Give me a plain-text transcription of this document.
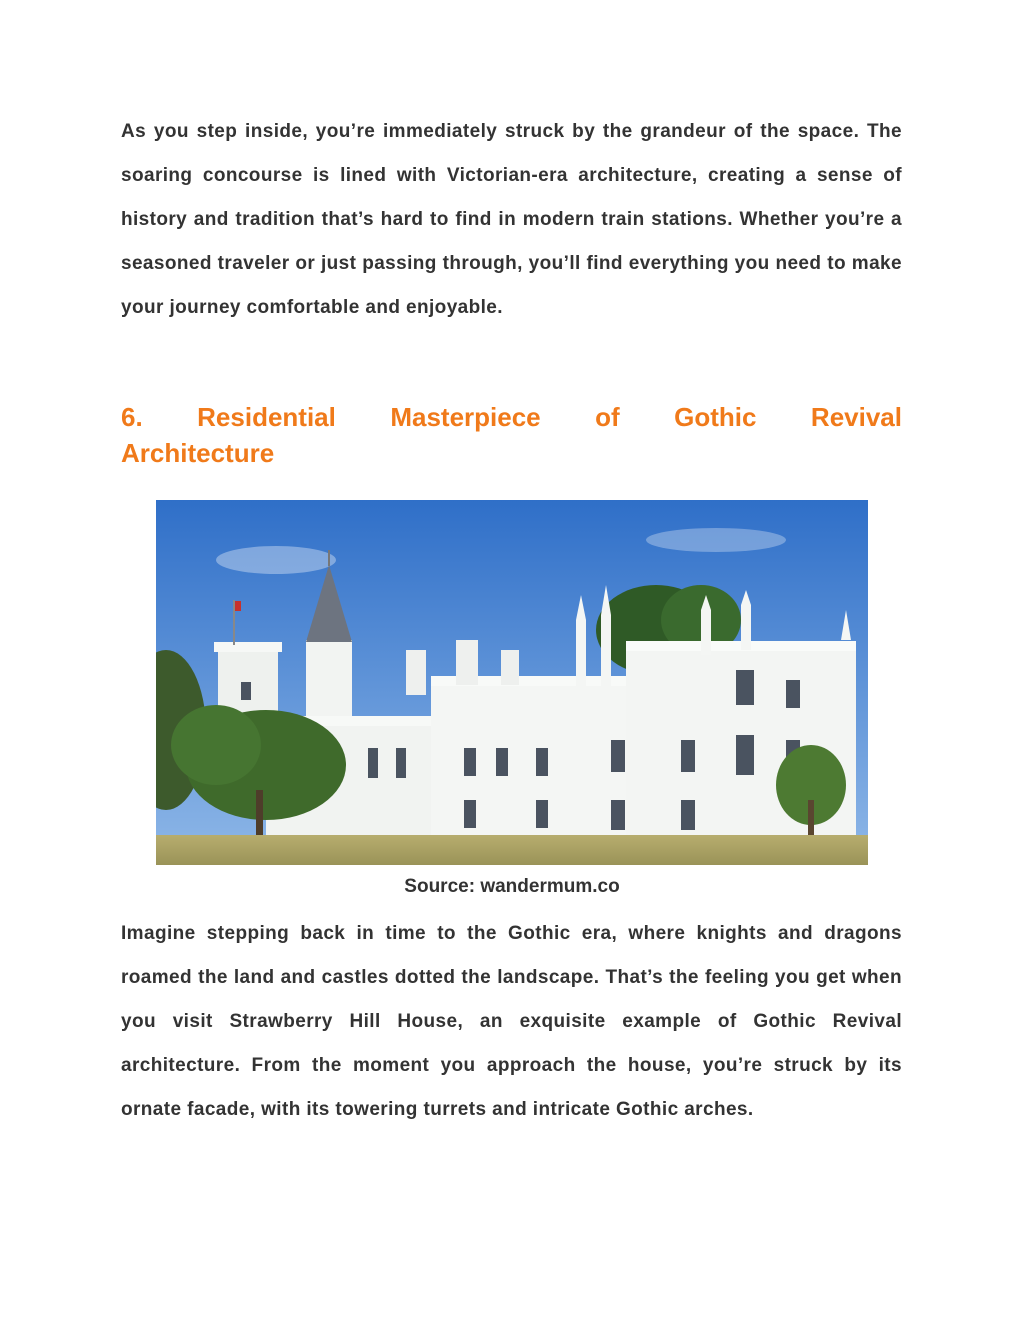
As you step inside, you’re immediately struck by the grandeur of the space. The soaring concourse is lined with Victorian-era architecture, creating a sense of history and tradition that’s hard to find in modern train stations. Whether you’re a seasoned traveler or just passing through, you’ll find everything you need to make your journey comfortable and enjoyable.

6. Residential Masterpiece of Gothic Revival
Architecture
Source: wandermum.co

Imagine stepping back in time to the Gothic era, where knights and dragons roamed the land and castles dotted the landscape. That’s the feeling you get when you visit Strawberry Hill House, an exquisite example of Gothic Revival architecture. From the moment you approach the house, you’re struck by its ornate facade, with its towering turrets and intricate Gothic arches.
